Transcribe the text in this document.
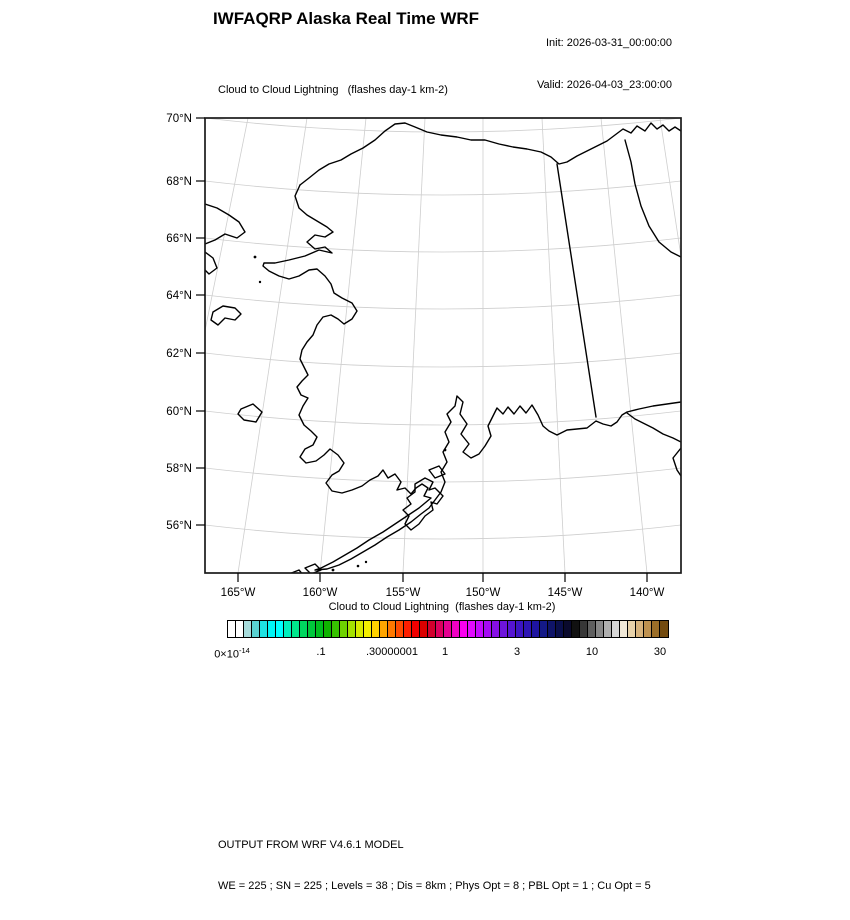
IWFAQRP Alaska Real Time WRF

Init: 2026-03-31_00:00:00

Valid: 2026-04-03_23:00:00

Cloud to Cloud Lightning   (flashes day-1 km-2)
70°N
68°N
66°N
64°N
62°N
60°N
58°N
56°N
165°W	160°W	155°W	150°W	145°W	140°W
Cloud to Cloud Lightning  (flashes day-1 km-2)
$0\times 10^{-14}$	.1	.30000001 1	3	10	30

OUTPUT FROM WRF V4.6.1 MODEL

WE = 225 ; SN = 225 ; Levels = 38 ; Dis = 8km ; Phys Opt = 8 ; PBL Opt = 1 ; Cu Opt = 5
